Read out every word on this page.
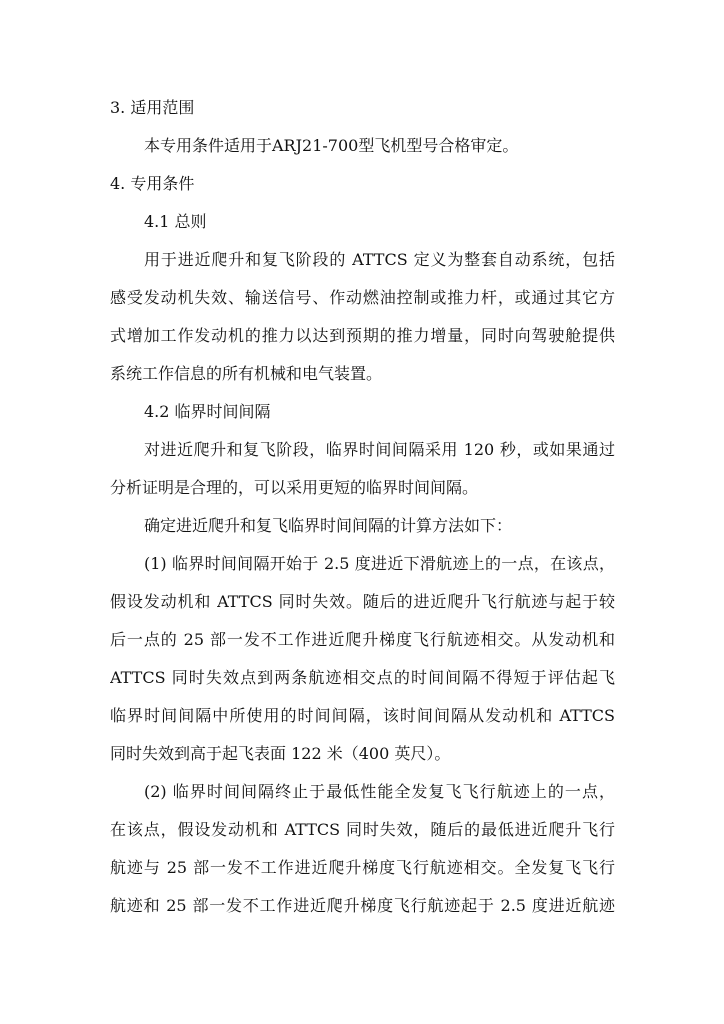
3. 适用范围
本专用条件适用于ARJ21-700型飞机型号合格审定。
4. 专用条件
4.1 总则
用于进近爬升和复飞阶段的 ATTCS 定义为整套自动系统，包括
感受发动机失效、输送信号、作动燃油控制或推力杆，或通过其它方
式增加工作发动机的推力以达到预期的推力增量，同时向驾驶舱提供
系统工作信息的所有机械和电气装置。
4.2 临界时间间隔
对进近爬升和复飞阶段，临界时间间隔采用 120 秒，或如果通过
分析证明是合理的，可以采用更短的临界时间间隔。
确定进近爬升和复飞临界时间间隔的计算方法如下：
(1) 临界时间间隔开始于 2.5 度进近下滑航迹上的一点，在该点，
假设发动机和 ATTCS 同时失效。随后的进近爬升飞行航迹与起于较
后一点的 25 部一发不工作进近爬升梯度飞行航迹相交。从发动机和
ATTCS 同时失效点到两条航迹相交点的时间间隔不得短于评估起飞
临界时间间隔中所使用的时间间隔，该时间间隔从发动机和 ATTCS
同时失效到高于起飞表面 122 米（400 英尺）。
(2) 临界时间间隔终止于最低性能全发复飞飞行航迹上的一点，
在该点，假设发动机和 ATTCS 同时失效，随后的最低进近爬升飞行
航迹与 25 部一发不工作进近爬升梯度飞行航迹相交。全发复飞飞行
航迹和 25 部一发不工作进近爬升梯度飞行航迹起于 2.5 度进近航迹
